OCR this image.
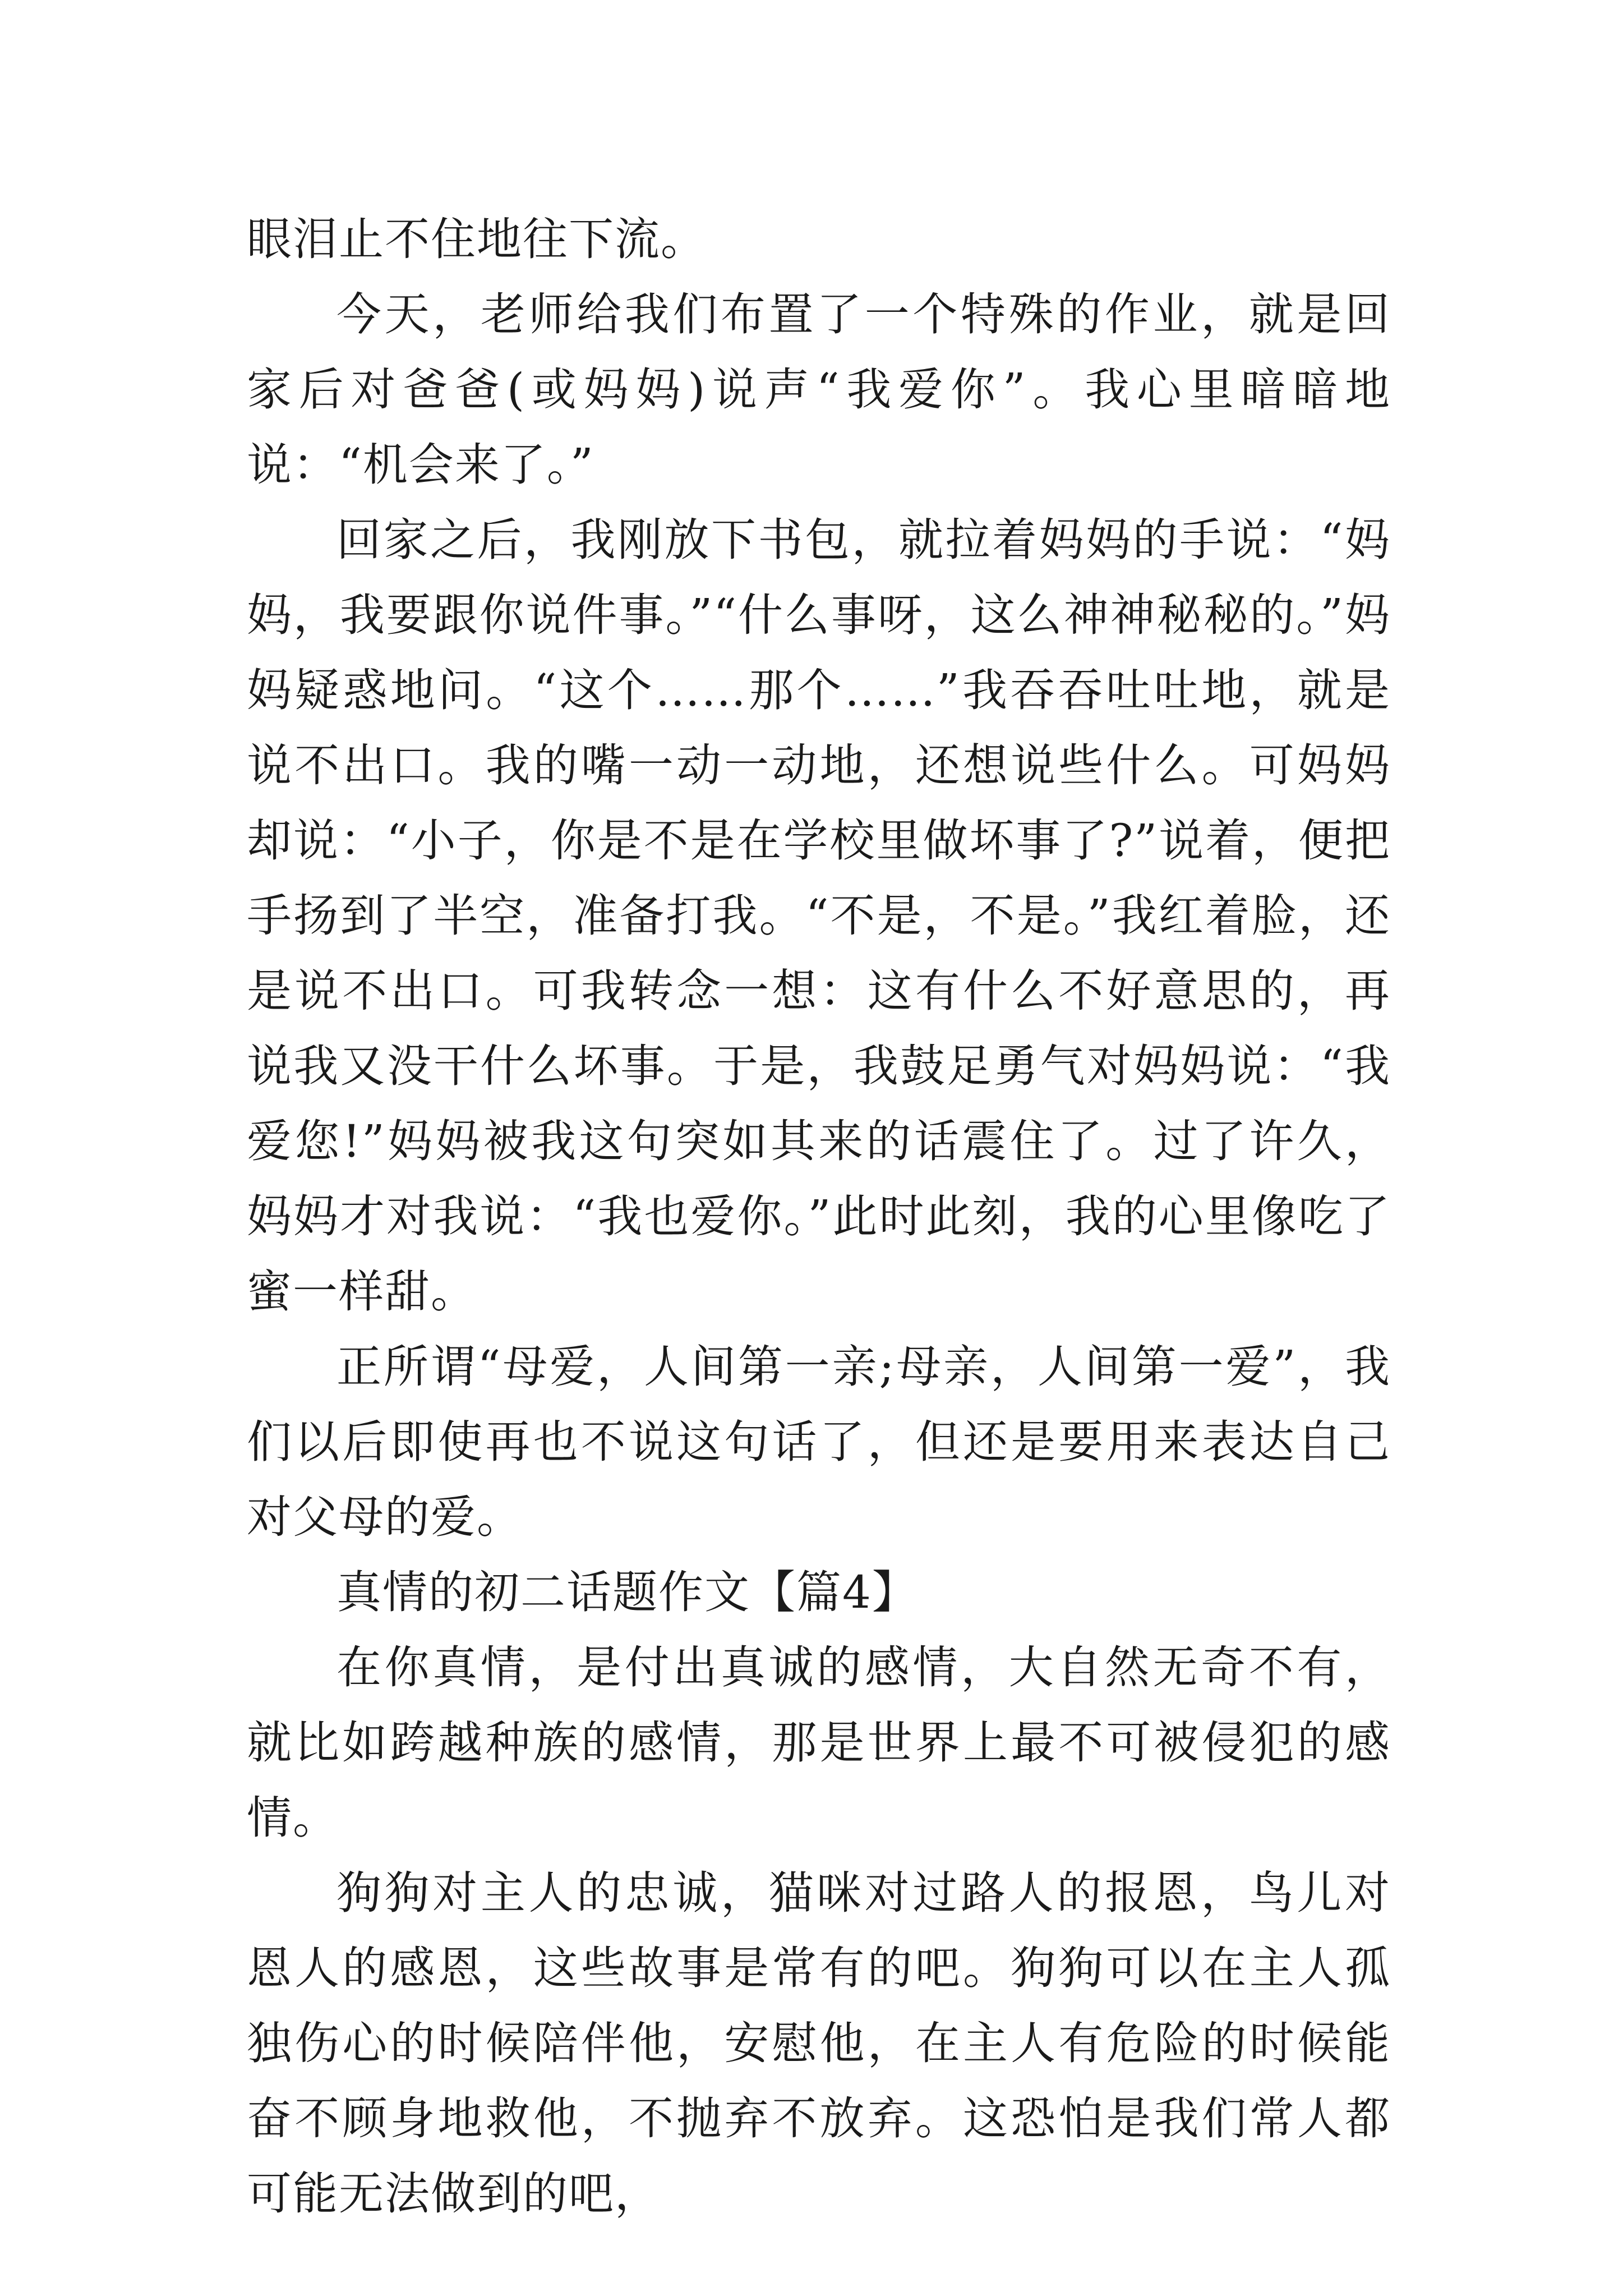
眼泪止不住地往下流。

今天，老师给我们布置了一个特殊的作业，就是回家后对爸爸(或妈妈)说声“我爱你”。我心里暗暗地说：“机会来了。”

回家之后，我刚放下书包，就拉着妈妈的手说：“妈妈，我要跟你说件事。”“什么事呀，这么神神秘秘的。”妈妈疑惑地问。“这个……那个……”我吞吞吐吐地，就是说不出口。我的嘴一动一动地，还想说些什么。可妈妈却说：“小子，你是不是在学校里做坏事了?”说着，便把手扬到了半空，准备打我。“不是，不是。”我红着脸，还是说不出口。可我转念一想：这有什么不好意思的，再说我又没干什么坏事。于是，我鼓足勇气对妈妈说：“我爱您!”妈妈被我这句突如其来的话震住了。过了许久，妈妈才对我说：“我也爱你。”此时此刻，我的心里像吃了蜜一样甜。

正所谓“母爱，人间第一亲;母亲，人间第一爱”，我们以后即使再也不说这句话了，但还是要用来表达自己对父母的爱。

真情的初二话题作文【篇4】

在你真情，是付出真诚的感情，大自然无奇不有，就比如跨越种族的感情，那是世界上最不可被侵犯的感情。

狗狗对主人的忠诚，猫咪对过路人的报恩，鸟儿对恩人的感恩，这些故事是常有的吧。狗狗可以在主人孤独伤心的时候陪伴他，安慰他，在主人有危险的时候能奋不顾身地救他，不抛弃不放弃。这恐怕是我们常人都可能无法做到的吧，
